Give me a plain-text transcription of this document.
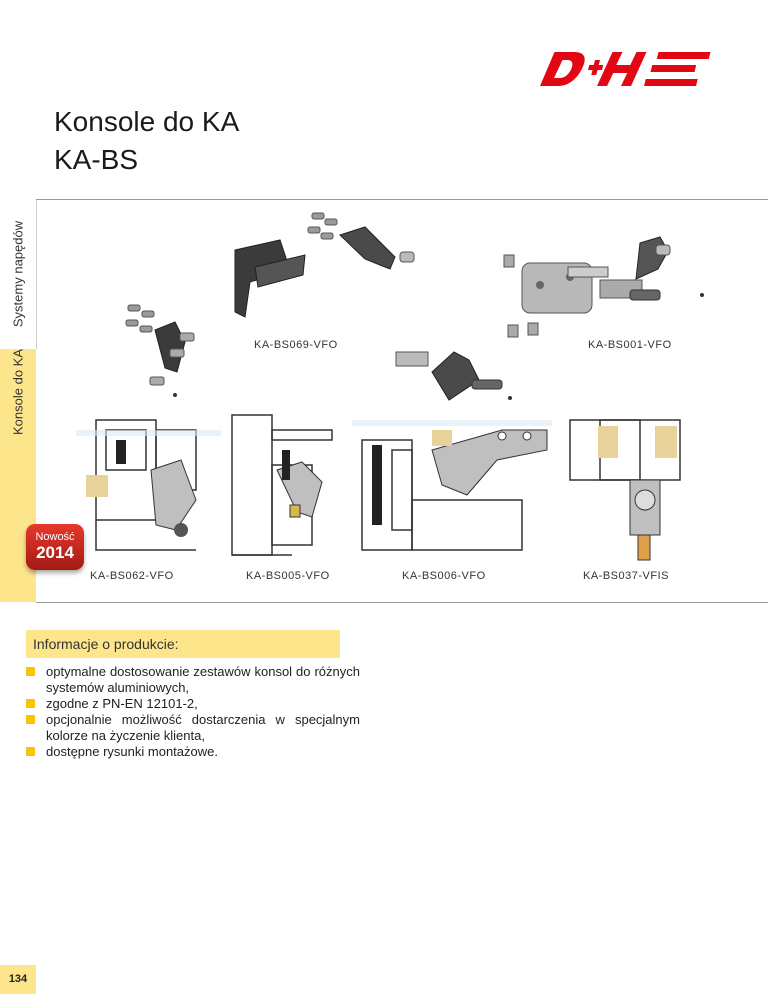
Konsole do KA
KA-BS
Systemy napędów
Konsole do KA
KA-BS069-VFO	KA-BS001-VFO
Nowość
2014
KA-BS062-VFO	KA-BS005-VFO	KA-BS006-VFO	KA-BS037-VFIS
Informacje o produkcie:
optymalne dostosowanie zestawów konsol do różnych systemów aluminiowych,
zgodne z PN-EN 12101-2,
opcjonalnie możliwość dostarczenia w specjalnym kolorze na życzenie klienta,
dostępne rysunki montażowe.
134
